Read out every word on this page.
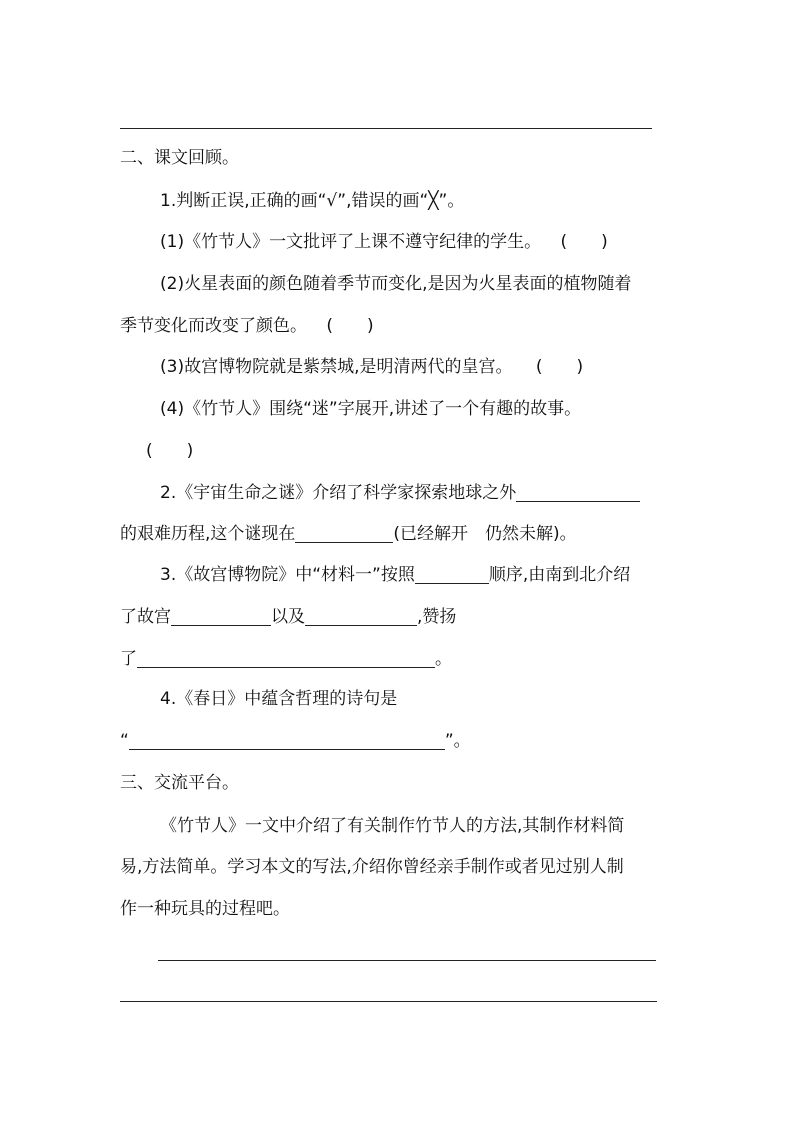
二、课文回顾。
1.判断正误,正确的画“√”,错误的画“╳”。
(1)《竹节人》一文批评了上课不遵守纪律的学生。 (　　)
(2)火星表面的颜色随着季节而变化,是因为火星表面的植物随着
季节变化而改变了颜色。 (　　)
(3)故宫博物院就是紫禁城,是明清两代的皇宫。 (　　)
(4)《竹节人》围绕“迷”字展开,讲述了一个有趣的故事。
(　　)
2.《宇宙生命之谜》介绍了科学家探索地球之外
的艰难历程,这个谜现在	(已经解开　仍然未解)。
3.《故宫博物院》中“材料一”按照	顺序,由南到北介绍
了故宫	以及	,赞扬
了	。
4.《春日》中蕴含哲理的诗句是
“	”。
三、交流平台。
《竹节人》一文中介绍了有关制作竹节人的方法,其制作材料简
易,方法简单。学习本文的写法,介绍你曾经亲手制作或者见过别人制
作一种玩具的过程吧。
